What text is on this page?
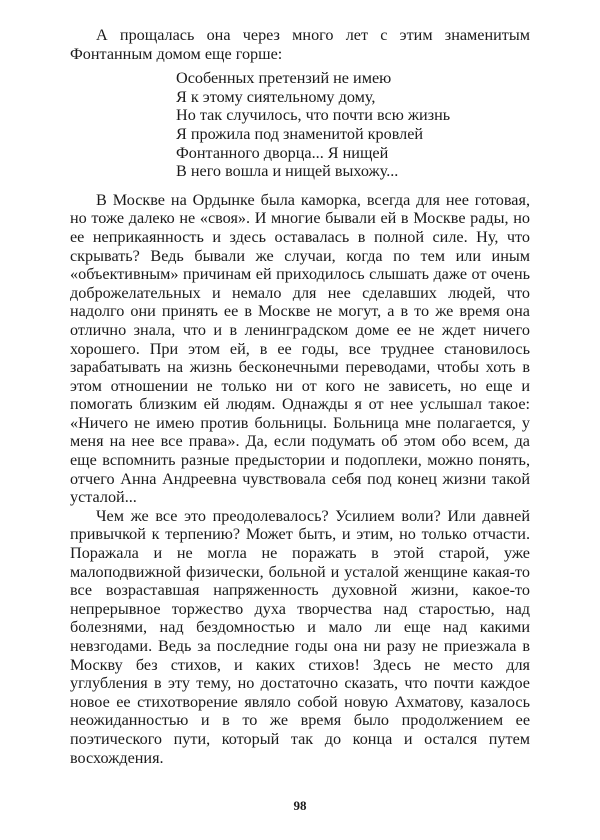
А прощалась она через много лет с этим знаменитым Фонтанным домом еще горше:

Особенных претензий не имею
Я к этому сиятельному дому,
Но так случилось, что почти всю жизнь
Я прожила под знаменитой кровлей
Фонтанного дворца... Я нищей
В него вошла и нищей выхожу...

В Москве на Ордынке была каморка, всегда для нее готовая, но тоже далеко не «своя». И многие бывали ей в Москве рады, но ее неприкаянность и здесь оставалась в полной силе. Ну, что скрывать? Ведь бывали же случаи, когда по тем или иным «объективным» причинам ей приходилось слышать даже от очень доброжелательных и немало для нее сделавших людей, что надолго они принять ее в Москве не могут, а в то же время она отлично знала, что и в ленинградском доме ее не ждет ничего хорошего. При этом ей, в ее годы, все труднее становилось зарабатывать на жизнь бесконечными переводами, чтобы хоть в этом отношении не только ни от кого не зависеть, но еще и помогать близким ей людям. Однажды я от нее услышал такое: «Ничего не имею против больницы. Больница мне полагается, у меня на нее все права». Да, если подумать об этом обо всем, да еще вспомнить разные предыстории и подоплеки, можно понять, отчего Анна Андреевна чувствовала себя под конец жизни такой усталой...

Чем же все это преодолевалось? Усилием воли? Или давней привычкой к терпению? Может быть, и этим, но только отчасти. Поражала и не могла не поражать в этой старой, уже малоподвижной физически, больной и усталой женщине какая-то все возраставшая напряженность духовной жизни, какое-то непрерывное торжество духа творчества над старостью, над болезнями, над бездомностью и мало ли еще над какими невзгодами. Ведь за последние годы она ни разу не приезжала в Москву без стихов, и каких стихов! Здесь не место для углубления в эту тему, но достаточно сказать, что почти каждое новое ее стихотворение являло собой новую Ахматову, казалось неожиданностью и в то же время было продолжением ее поэтического пути, который так до конца и остался путем восхождения.

98
